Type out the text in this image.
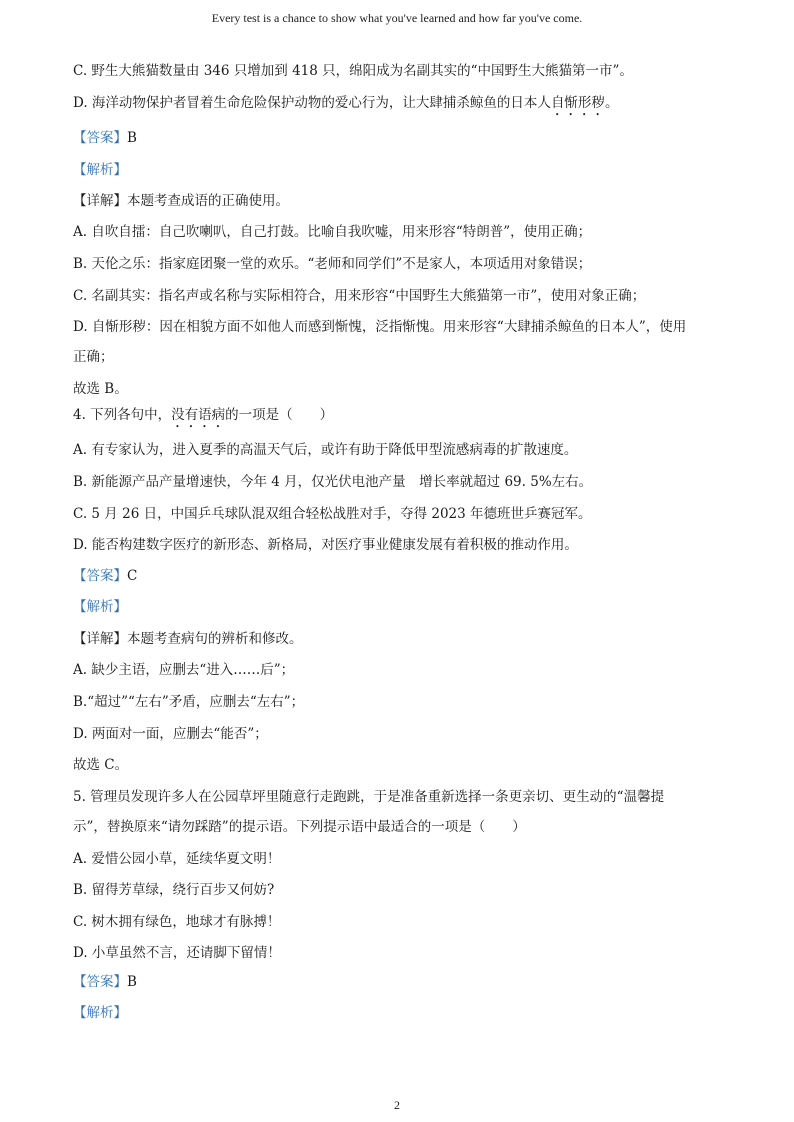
Every test is a chance to show what you've learned and how far you've come.
C. 野生大熊猫数量由 346 只增加到 418 只，绵阳成为名副其实的“中国野生大熊猫第一市”。
D. 海洋动物保护者冒着生命危险保护动物的爱心行为，让大肆捕杀鲸鱼的日本人自惭形秽。
【答案】B
【解析】
【详解】本题考查成语的正确使用。
A. 自吹自擂：自己吹喇叭，自己打鼓。比喻自我吹嘘，用来形容“特朗普”，使用正确；
B. 天伦之乐：指家庭团聚一堂的欢乐。“老师和同学们”不是家人，本项适用对象错误；
C. 名副其实：指名声或名称与实际相符合，用来形容“中国野生大熊猫第一市”，使用对象正确；
D. 自惭形秽：因在相貌方面不如他人而感到惭愧，泛指惭愧。用来形容“大肆捕杀鲸鱼的日本人”，使用
正确；
故选 B。
4. 下列各句中，没有语病的一项是（　　）
A. 有专家认为，进入夏季的高温天气后，或许有助于降低甲型流感病毒的扩散速度。
B. 新能源产品产量增速快，今年 4 月，仅光伏电池产量　增长率就超过 69. 5%左右。
C. 5 月 26 日，中国乒乓球队混双组合轻松战胜对手，夺得 2023 年德班世乒赛冠军。
D. 能否构建数字医疗的新形态、新格局，对医疗事业健康发展有着积极的推动作用。
【答案】C
【解析】
【详解】本题考查病句的辨析和修改。
A. 缺少主语，应删去“进入……后”；
B.“超过”“左右”矛盾，应删去“左右”；
D. 两面对一面，应删去“能否”；
故选 C。
5. 管理员发现许多人在公园草坪里随意行走跑跳，于是准备重新选择一条更亲切、更生动的“温馨提
示”，替换原来“请勿踩踏”的提示语。下列提示语中最适合的一项是（　　）
A. 爱惜公园小草，延续华夏文明！
B. 留得芳草绿，绕行百步又何妨?
C. 树木拥有绿色，地球才有脉搏！
D. 小草虽然不言，还请脚下留情！
【答案】B
【解析】
2
